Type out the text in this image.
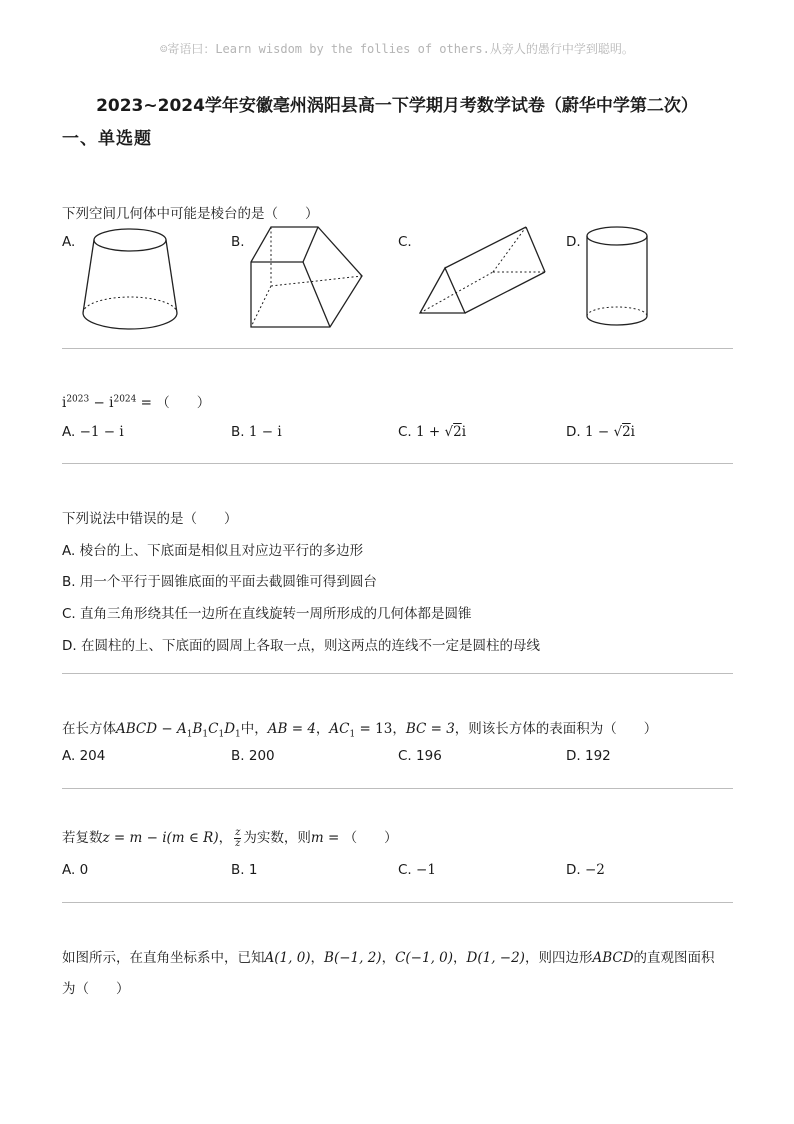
☺寄语曰：Learn wisdom by the follies of others.从旁人的愚行中学到聪明。
2023~2024学年安徽亳州涡阳县高一下学期月考数学试卷（蔚华中学第二次）
一、单选题
下列空间几何体中可能是棱台的是（　　）
A.	B.	C.	D.
$i^{2023} - i^{2024}$ = （　　）
A. −1 − i	B. 1 − i	C. 1 + √2i	D. 1 − √2i
下列说法中错误的是（　　）
A. 棱台的上、下底面是相似且对应边平行的多边形
B. 用一个平行于圆锥底面的平面去截圆锥可得到圆台
C. 直角三角形绕其任一边所在直线旋转一周所形成的几何体都是圆锥
D. 在圆柱的上、下底面的圆周上各取一点，则这两点的连线不一定是圆柱的母线
在长方体ABCD − $A_1B_1C_1D_1$中，AB = 4，$AC_1 = 13$，BC = 3，则该长方体的表面积为（　　）
A. 204	B. 200	C. 196	D. 192
若复数z = m − i(m ∈ R)， $\frac{z}{z̄}$ 为实数，则m = （　　）
A. 0	B. 1	C. −1	D. −2
如图所示，在直角坐标系中，已知A(1, 0)，B(−1, 2)，C(−1, 0)，D(1, −2)，则四边形ABCD的直观图面积
为（　　）
